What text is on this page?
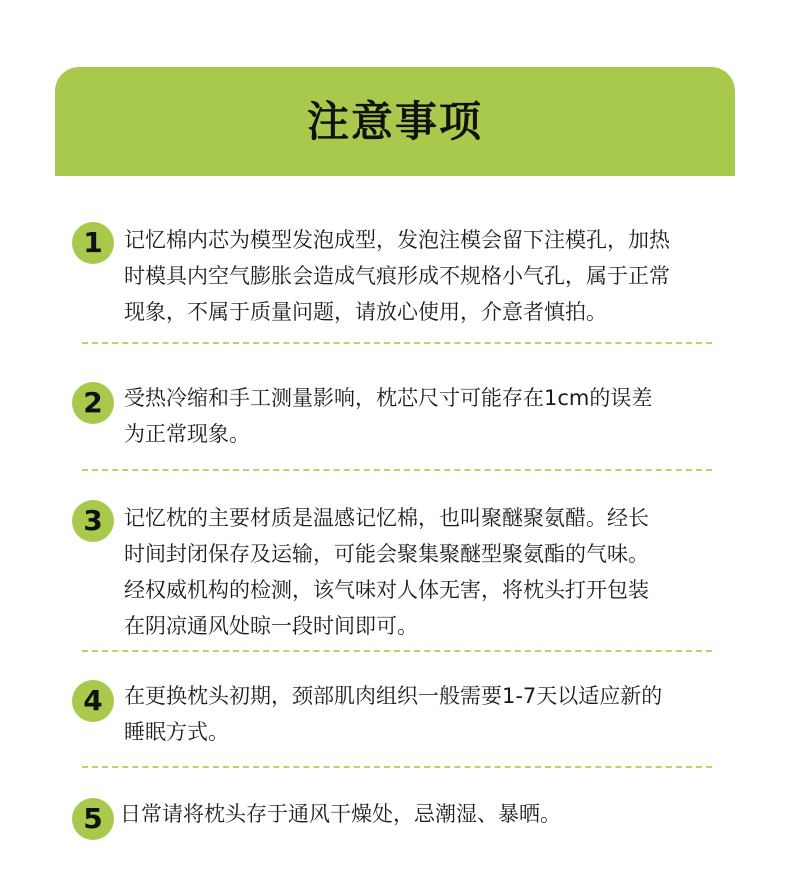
注意事项
1	记忆棉内芯为模型发泡成型，发泡注模会留下注模孔，加热
时模具内空气膨胀会造成气痕形成不规格小气孔，属于正常
现象，不属于质量问题，请放心使用，介意者慎拍。
2	受热冷缩和手工测量影响，枕芯尺寸可能存在1cm的误差
为正常现象。
3	记忆枕的主要材质是温感记忆棉，也叫聚醚聚氨醋。经长
时间封闭保存及运输，可能会聚集聚醚型聚氨酯的气味。
经权威机构的检测，该气味对人体无害，将枕头打开包装
在阴凉通风处晾一段时间即可。
4	在更换枕头初期，颈部肌肉组织一般需要1-7天以适应新的
睡眠方式。
5 日常请将枕头存于通风干燥处，忌潮湿、暴晒。
